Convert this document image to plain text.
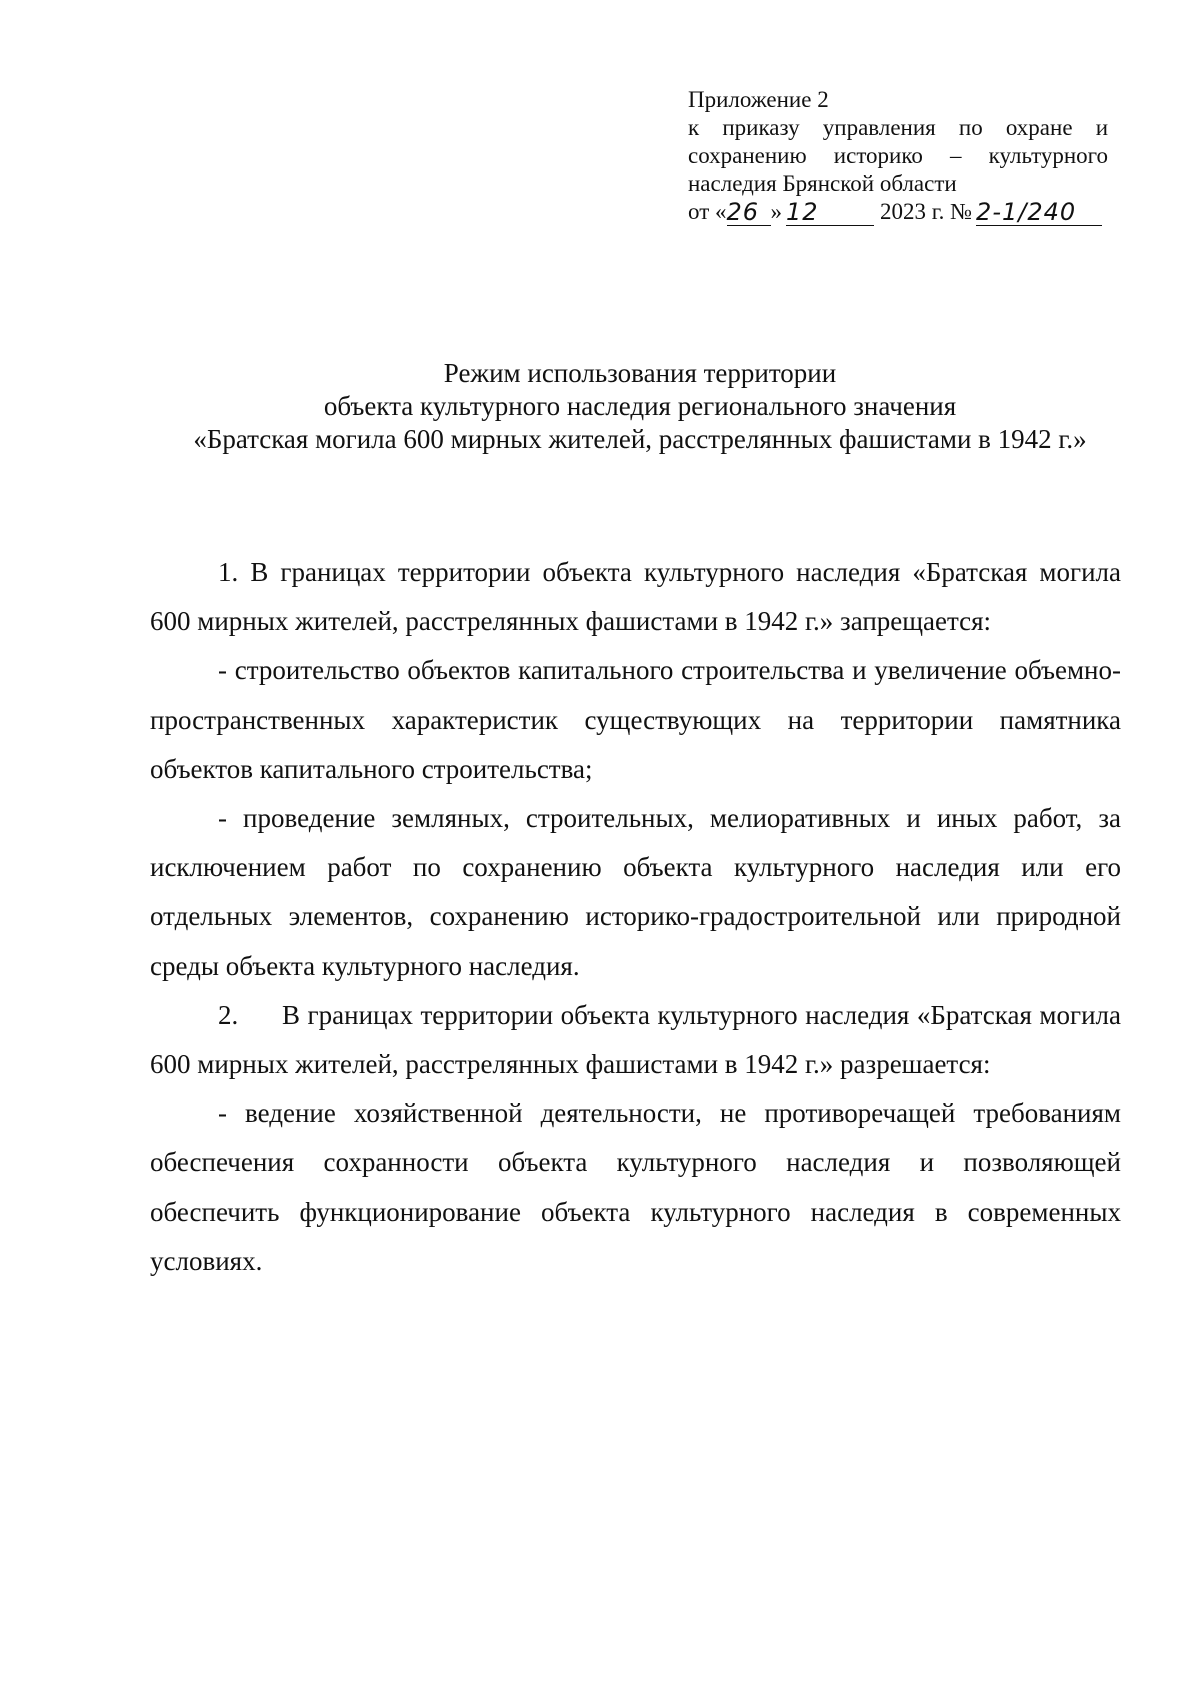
Приложение 2
к приказу управления по охране и
сохранению историко – культурного
наследия Брянской области
от « 26 » 12	2023 г. № 2-1/240
Режим использования территории
объекта культурного наследия регионального значения
«Братская могила 600 мирных жителей, расстрелянных фашистами в 1942 г.»

1. В границах территории объекта культурного наследия «Братская могила 600 мирных жителей, расстрелянных фашистами в 1942 г.» запрещается:

- строительство объектов капитального строительства и увеличение объемно-пространственных характеристик существующих на территории памятника объектов капитального строительства;

- проведение земляных, строительных, мелиоративных и иных работ, за исключением работ по сохранению объекта культурного наследия или его отдельных элементов, сохранению историко-градостроительной или природной среды объекта культурного наследия.

2. В границах территории объекта культурного наследия «Братская могила 600 мирных жителей, расстрелянных фашистами в 1942 г.» разрешается:

- ведение хозяйственной деятельности, не противоречащей требованиям обеспечения сохранности объекта культурного наследия и позволяющей обеспечить функционирование объекта культурного наследия в современных условиях.
